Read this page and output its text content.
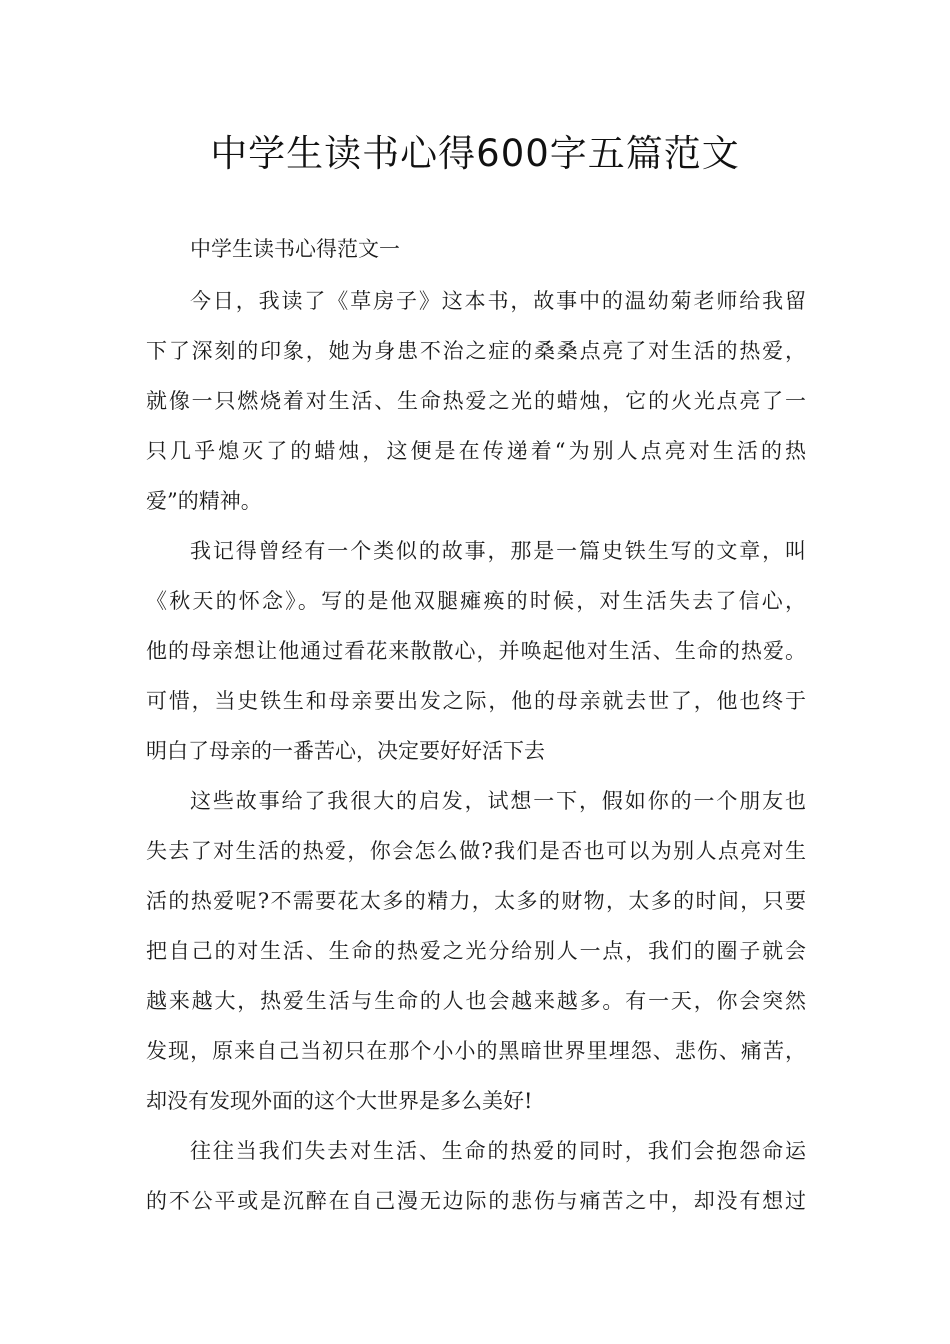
中学生读书心得600字五篇范文
中学生读书心得范文一
今日，我读了《草房子》这本书，故事中的温幼菊老师给我留
下了深刻的印象，她为身患不治之症的桑桑点亮了对生活的热爱，
就像一只燃烧着对生活、生命热爱之光的蜡烛，它的火光点亮了一
只几乎熄灭了的蜡烛，这便是在传递着“为别人点亮对生活的热
爱”的精神。
我记得曾经有一个类似的故事，那是一篇史铁生写的文章，叫
《秋天的怀念》。写的是他双腿瘫痪的时候，对生活失去了信心，
他的母亲想让他通过看花来散散心，并唤起他对生活、生命的热爱。
可惜，当史铁生和母亲要出发之际，他的母亲就去世了，他也终于
明白了母亲的一番苦心，决定要好好活下去
这些故事给了我很大的启发，试想一下，假如你的一个朋友也
失去了对生活的热爱，你会怎么做?我们是否也可以为别人点亮对生
活的热爱呢?不需要花太多的精力，太多的财物，太多的时间，只要
把自己的对生活、生命的热爱之光分给别人一点，我们的圈子就会
越来越大，热爱生活与生命的人也会越来越多。有一天，你会突然
发现，原来自己当初只在那个小小的黑暗世界里埋怨、悲伤、痛苦，
却没有发现外面的这个大世界是多么美好!
往往当我们失去对生活、生命的热爱的同时，我们会抱怨命运
的不公平或是沉醉在自己漫无边际的悲伤与痛苦之中，却没有想过
